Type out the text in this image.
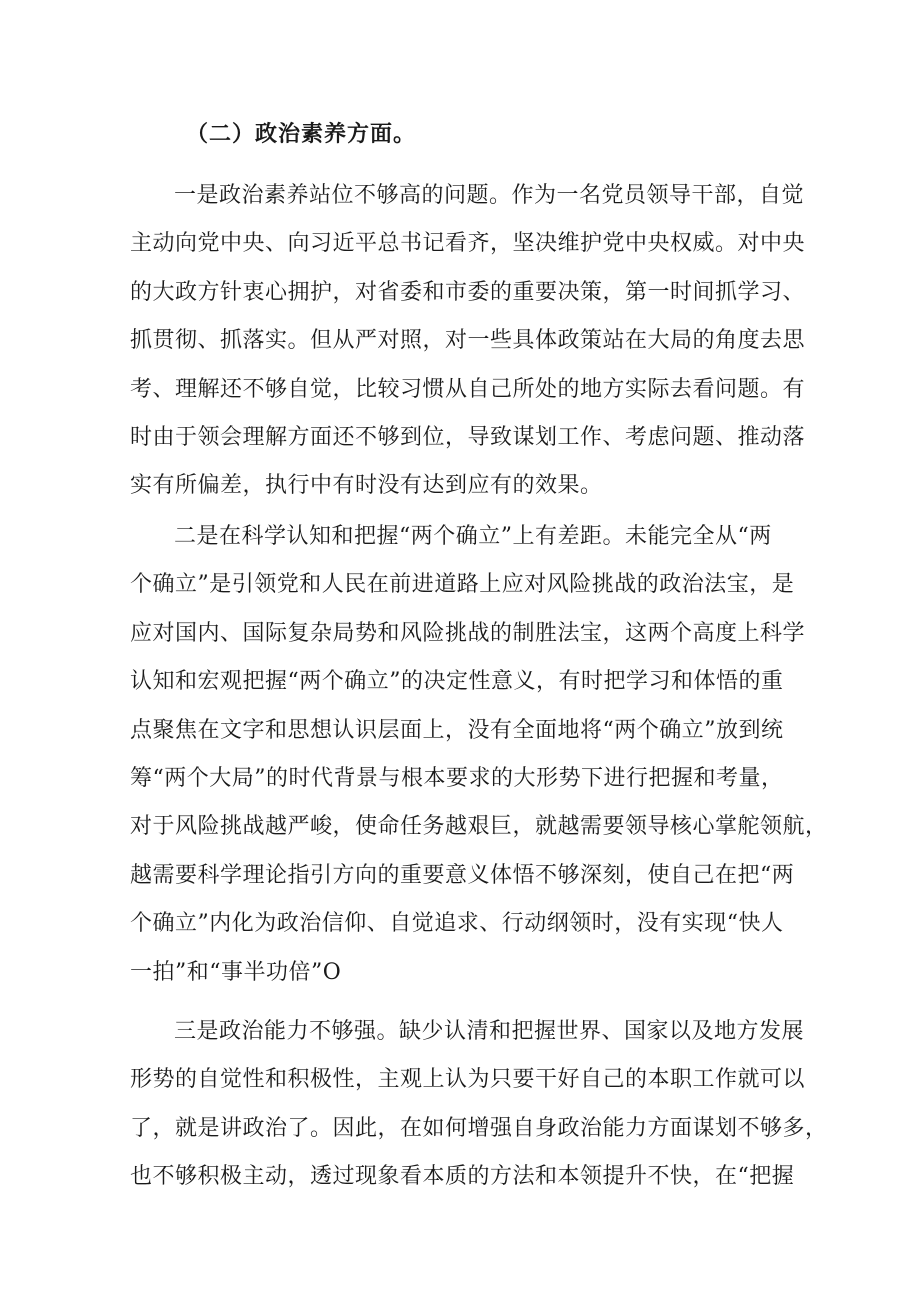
（二）政治素养方面。
一是政治素养站位不够高的问题。作为一名党员领导干部，自觉
主动向党中央、向习近平总书记看齐，坚决维护党中央权威。对中央
的大政方针衷心拥护，对省委和市委的重要决策，第一时间抓学习、
抓贯彻、抓落实。但从严对照，对一些具体政策站在大局的角度去思
考、理解还不够自觉，比较习惯从自己所处的地方实际去看问题。有
时由于领会理解方面还不够到位，导致谋划工作、考虑问题、推动落
实有所偏差，执行中有时没有达到应有的效果。
二是在科学认知和把握“两个确立”上有差距。未能完全从“两
个确立”是引领党和人民在前进道路上应对风险挑战的政治法宝，是
应对国内、国际复杂局势和风险挑战的制胜法宝，这两个高度上科学
认知和宏观把握“两个确立”的决定性意义，有时把学习和体悟的重
点聚焦在文字和思想认识层面上，没有全面地将“两个确立”放到统
筹“两个大局”的时代背景与根本要求的大形势下进行把握和考量，
对于风险挑战越严峻，使命任务越艰巨，就越需要领导核心掌舵领航，
越需要科学理论指引方向的重要意义体悟不够深刻，使自己在把“两
个确立”内化为政治信仰、自觉追求、行动纲领时，没有实现“快人
一拍”和“事半功倍”O
三是政治能力不够强。缺少认清和把握世界、国家以及地方发展
形势的自觉性和积极性，主观上认为只要干好自己的本职工作就可以
了，就是讲政治了。因此，在如何增强自身政治能力方面谋划不够多，
也不够积极主动，透过现象看本质的方法和本领提升不快，在“把握
